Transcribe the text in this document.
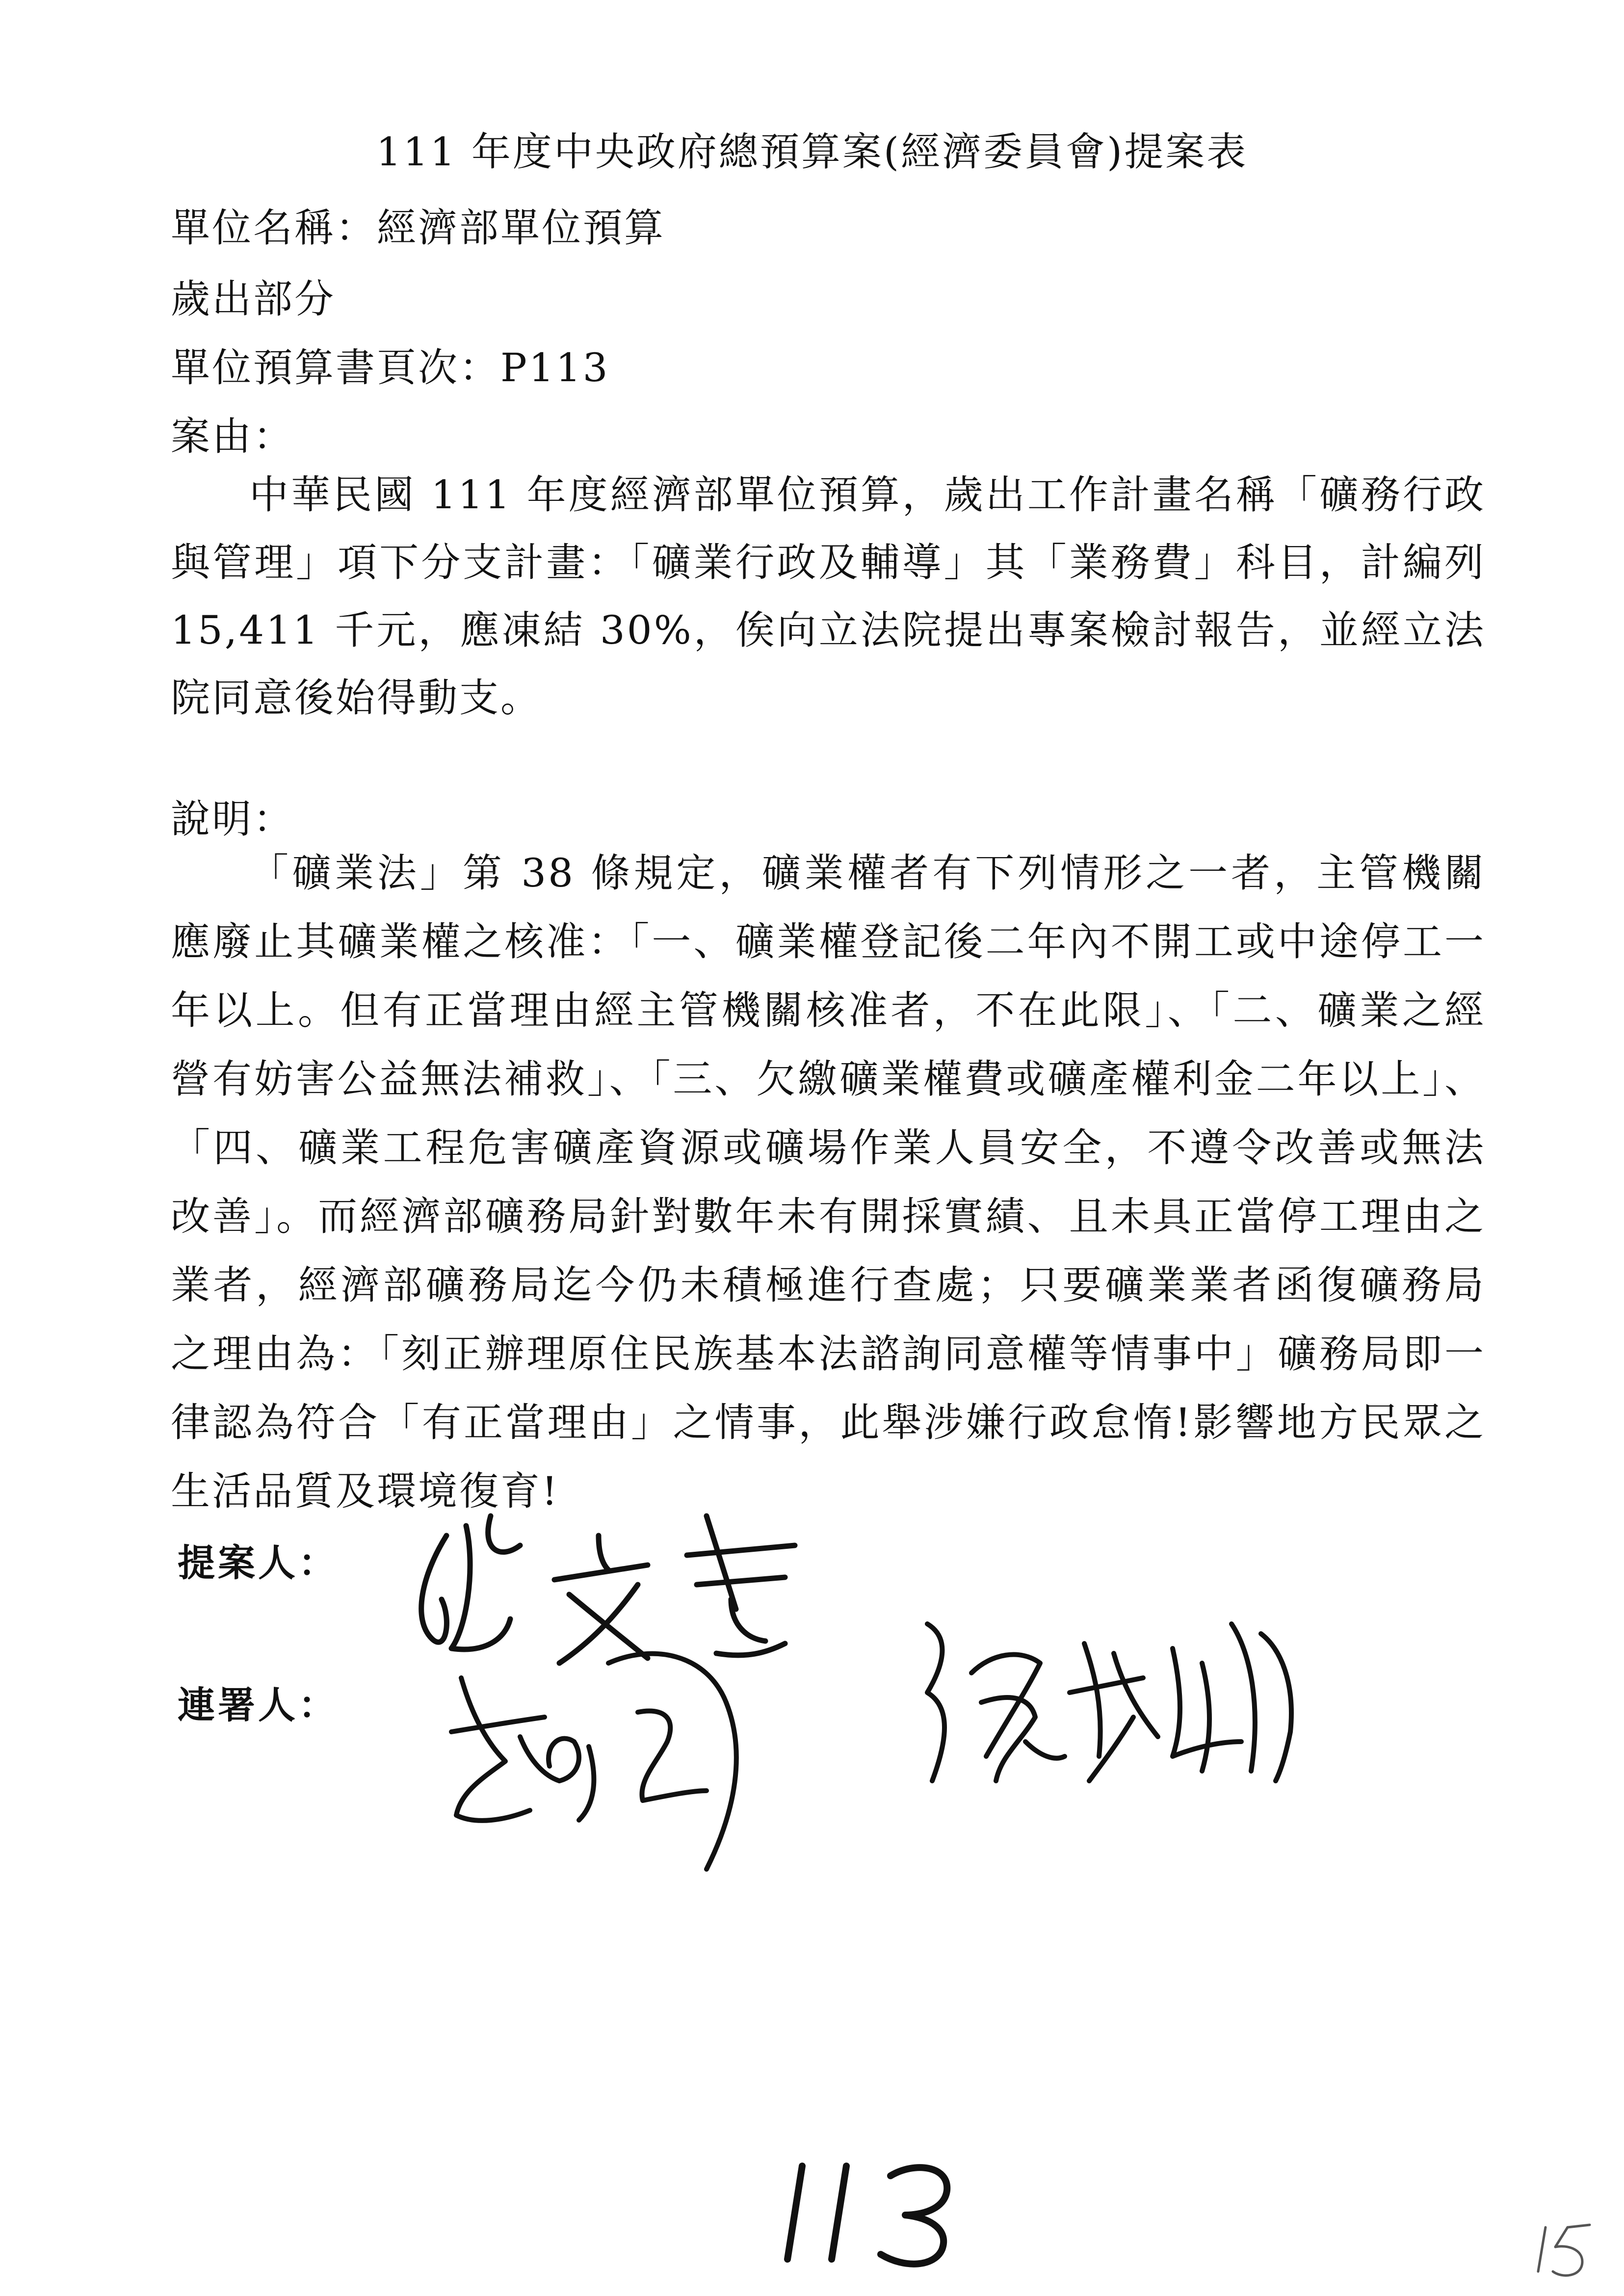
111 年度中央政府總預算案(經濟委員會)提案表
單位名稱：經濟部單位預算
歲出部分
單位預算書頁次：P113
案由：
中華民國 111 年度經濟部單位預算，歲出工作計畫名稱「礦務行政與管理」項下分支計畫：「礦業行政及輔導」其「業務費」科目，計編列 15,411 千元，應凍結 30%，俟向立法院提出專案檢討報告，並經立法院同意後始得動支。
說明：
「礦業法」第 38 條規定，礦業權者有下列情形之一者，主管機關應廢止其礦業權之核准：「一、礦業權登記後二年內不開工或中途停工一年以上。但有正當理由經主管機關核准者，不在此限」、「二、礦業之經營有妨害公益無法補救」、「三、欠繳礦業權費或礦產權利金二年以上」、「四、礦業工程危害礦產資源或礦場作業人員安全，不遵令改善或無法改善」。而經濟部礦務局針對數年未有開採實績、且未具正當停工理由之業者，經濟部礦務局迄今仍未積極進行查處；只要礦業業者函復礦務局之理由為：「刻正辦理原住民族基本法諮詢同意權等情事中」礦務局即一律認為符合「有正當理由」之情事，此舉涉嫌行政怠惰!影響地方民眾之生活品質及環境復育!
提案人：
連署人：
